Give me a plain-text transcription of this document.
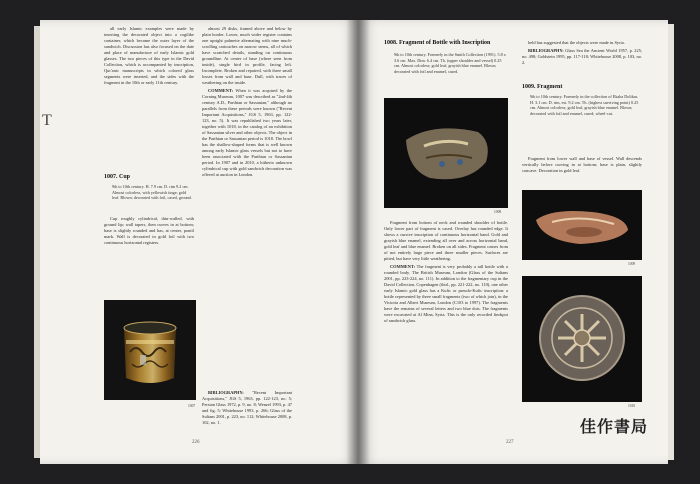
T

all early Islamic examples were made by inserting the decorated object into a cogilike container, which became the outer layer of the sandwich. Discussion has also focused on the date and place of manufacture of early Islamic gold glasses. The two pieces of this type in the David Collection, which is accompanied by inscription, Qur'anic manuscripts in which colored glass segments were inserted, and the sides with the fragment in the 10th or early 11th century.

1007. Cup
9th to 10th century. H. 7.9 cm. D. rim 9.2 cm. Almost colorless, with yellowish tinge; gold leaf. Blown; decorated with foil, cased, ground.

Cup roughly cylindrical, thin-walled, with ground lip; wall tapers, then curves in at bottom; base is slightly rounded and has, at center, pontil mark. Wall is decorated in gold foil with two continuous horizontal registers.

almost 29 disks, framed above and below by plain border. Lower, much wider register contains one upright palmette alternating with nine much-scrolling cartouches on narrow stems, all of which have scratched details, standing on continuous groundline. At center of base (where seen from inside), single bird in profile, facing left. Incomplete. Broken and repaired, with three small losses from wall and base. Dull, with traces of weathering on the inside.

COMMENT: When it was acquired by the Corning Museum, 1007 was described as "2nd-4th century A.D., Parthian or Sassanian," although no parallels from these periods were known ("Recent Important Acquisitions," JGS 5, 1963, pp. 122-123, no. 5). It was republished two years later, together with 1018, in the catalog of an exhibition of Sassanian silver and other objects. The object in the Parthian or Sassanian period is 1018. The bowl has the shallow-shaped forms that is well known among early Islamic glass vessels but not to have been associated with the Parthian or Sassanian period. In 1907 and in 2010, a hitherto unknown cylindrical cup with gold sandwich decoration was offered at auction in London.

BIBLIOGRAPHY: "Recent Important Acquisitions," JGS 5, 1963, pp. 122-123, no. 5; Persian Glass 1972, p. 9, no. 8; Wenzel 1993, p. 47 and fig. 5; Whitehouse 1993, p. 266; Glass of the Sultans 2001, p. 223, no. 112; Whitehouse 2008, p. 102, no. 1.

1007
226
1008. Fragment of Bottle with Inscription
9th to 10th century. Formerly in the Smith Collection (1991). 5.8 x 3.6 cm. Max. Dim. 6.4 cm. Th. (upper shoulder and vessel) 0.25 cm. Almost colorless; gold leaf, grayish blue enamel. Blown; decorated with foil and enamel, cased.
1008

Fragment from bottom of neck and rounded shoulder of bottle. Only lower part of fragment is cased. Overlay has rounded edge. It shows a cursive inscription of continuous horizontal band. Gold and grayish blue enamel, extending all over and across horizontal band, gold leaf and blue enamel. Broken on all sides. Fragment comes from of not entirely large piece and three smaller pieces. Surfaces are pitted, but have very little weathering.

COMMENT: The fragment is very probably a tall bottle with a rounded body. The British Museum, London (Glass of the Sultans 2001, pp. 223-224, no. 111). In addition to the fragmentary cup in the David Collection, Copenhagen (ibid., pp. 221-222, no. 110), one other early Islamic gold glass has a Kufic or pseudo-Kufic inscription: a bottle represented by three small fragments (two of which join), in the Victoria and Albert Museum, London (C103 to 1997). The fragments have the remains of several letters and two blue dots. The fragments were excavated at Al Mina, Syria. This is the only recorded findspot of sandwich glass.

held has suggested that the objects were made in Syria.

BIBLIOGRAPHY: Glass Sea the Ancient World 1957, p. 225, no. 498; Goldstein 1995, pp. 117-118; Whitehouse 2008, p. 103, no. 2.

1009. Fragment
9th to 10th century. Formerly in the collection of Ekaha Dolikas. H. 3.1 cm. D. rim, est. 9.2 cm. Th. (highest surviving point) 0.25 cm. Almost colorless; gold leaf, grayish blue enamel. Blown; decorated with foil and enamel, cased; wheel-cut.

Fragment from lower wall and base of vessel. Wall descends vertically before curving in at bottom; base is plain, slightly concave. Decoration in gold leaf.

1009
1010
佳作書局
227
